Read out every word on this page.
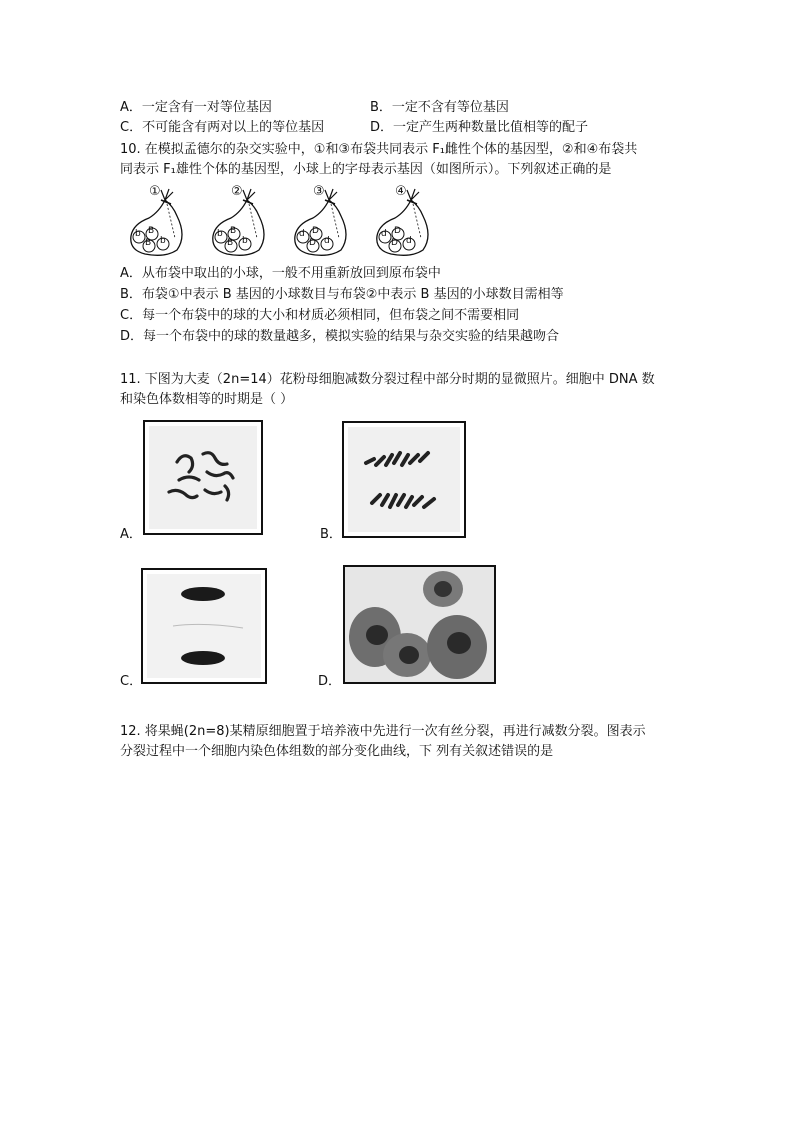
A．一定含有一对等位基因	B．一定不含有等位基因
C．不可能含有两对以上的等位基因	D．一定产生两种数量比值相等的配子
10. 在模拟孟德尔的杂交实验中，①和③布袋共同表示 F₁雌性个体的基因型，②和④布袋共
同表示 F₁雄性个体的基因型，小球上的字母表示基因（如图所示）。下列叙述正确的是
①
b B
B b
②
b B
B b
③
d D
D d
④
d D
D d
A．从布袋中取出的小球，一般不用重新放回到原布袋中
B．布袋①中表示 B 基因的小球数目与布袋②中表示 B 基因的小球数目需相等
C．每一个布袋中的球的大小和材质必须相同，但布袋之间不需要相同
D．每一个布袋中的球的数量越多，模拟实验的结果与杂交实验的结果越吻合
11. 下图为大麦（2n=14）花粉母细胞减数分裂过程中部分时期的显微照片。细胞中 DNA 数
和染色体数相等的时期是（ ）
A．	B．
C．	D．
12. 将果蝇(2n=8)某精原细胞置于培养液中先进行一次有丝分裂，再进行减数分裂。图表示
分裂过程中一个细胞内染色体组数的部分变化曲线，下 列有关叙述错误的是
